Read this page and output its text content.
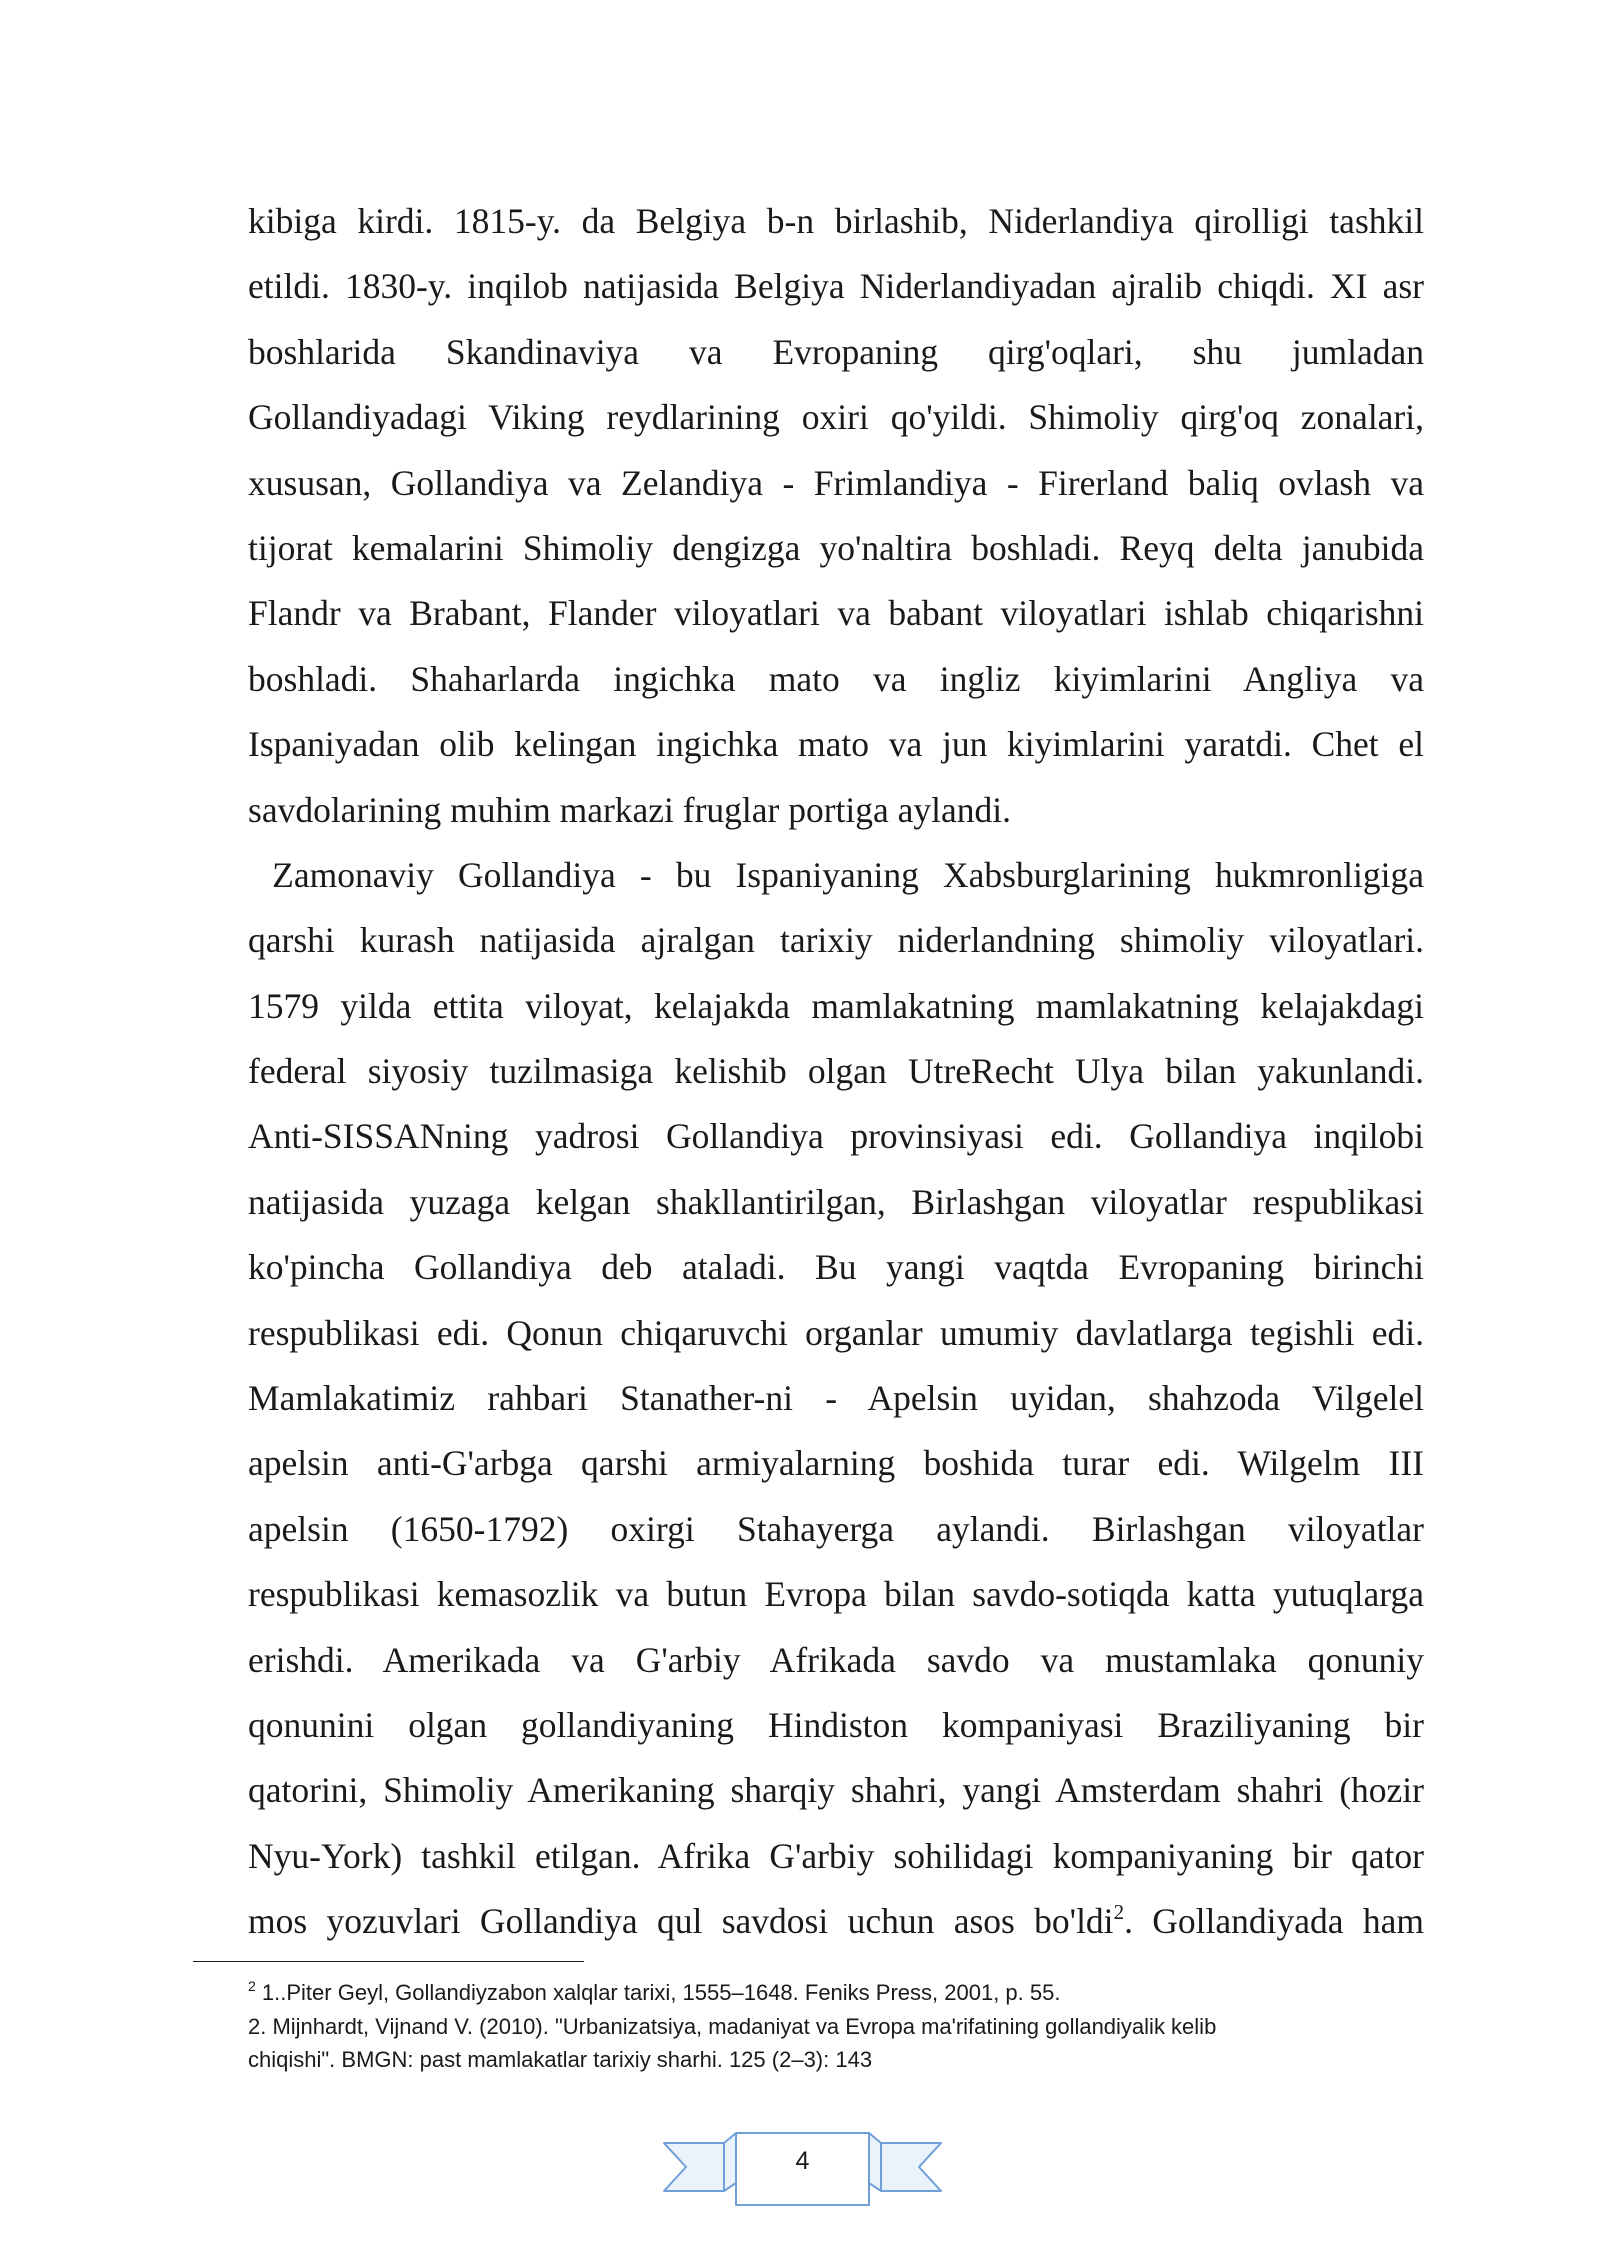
kibiga kirdi. 1815-y. da Belgiya b-n birlashib, Niderlandiya qirolligi tashkil
etildi. 1830-y. inqilob natijasida Belgiya Niderlandiyadan ajralib chiqdi. XI asr
boshlarida Skandinaviya va Evropaning qirg'oqlari, shu jumladan
Gollandiyadagi Viking reydlarining oxiri qo'yildi. Shimoliy qirg'oq zonalari,
xususan, Gollandiya va Zelandiya - Frimlandiya - Firerland baliq ovlash va
tijorat kemalarini Shimoliy dengizga yo'naltira boshladi. Reyq delta janubida
Flandr va Brabant, Flander viloyatlari va babant viloyatlari ishlab chiqarishni
boshladi. Shaharlarda ingichka mato va ingliz kiyimlarini Angliya va
Ispaniyadan olib kelingan ingichka mato va jun kiyimlarini yaratdi. Chet el
savdolarining muhim markazi fruglar portiga aylandi.
Zamonaviy Gollandiya - bu Ispaniyaning Xabsburglarining hukmronligiga
qarshi kurash natijasida ajralgan tarixiy niderlandning shimoliy viloyatlari.
1579 yilda ettita viloyat, kelajakda mamlakatning mamlakatning kelajakdagi
federal siyosiy tuzilmasiga kelishib olgan UtreRecht Ulya bilan yakunlandi.
Anti-SISSANning yadrosi Gollandiya provinsiyasi edi. Gollandiya inqilobi
natijasida yuzaga kelgan shakllantirilgan, Birlashgan viloyatlar respublikasi
ko'pincha Gollandiya deb ataladi. Bu yangi vaqtda Evropaning birinchi
respublikasi edi. Qonun chiqaruvchi organlar umumiy davlatlarga tegishli edi.
Mamlakatimiz rahbari Stanather-ni - Apelsin uyidan, shahzoda Vilgelel
apelsin anti-G'arbga qarshi armiyalarning boshida turar edi. Wilgelm III
apelsin (1650-1792) oxirgi Stahayerga aylandi. Birlashgan viloyatlar
respublikasi kemasozlik va butun Evropa bilan savdo-sotiqda katta yutuqlarga
erishdi. Amerikada va G'arbiy Afrikada savdo va mustamlaka qonuniy
qonunini olgan gollandiyaning Hindiston kompaniyasi Braziliyaning bir
qatorini, Shimoliy Amerikaning sharqiy shahri, yangi Amsterdam shahri (hozir
Nyu-York) tashkil etilgan. Afrika G'arbiy sohilidagi kompaniyaning bir qator
mos yozuvlari Gollandiya qul savdosi uchun asos bo'ldi$^2$. Gollandiyada ham
$^2$ 1..Piter Geyl, Gollandiyzabon xalqlar tarixi, 1555–1648. Feniks Press, 2001, p. 55.
2. Mijnhardt, Vijnand V. (2010). "Urbanizatsiya, madaniyat va Evropa ma'rifatining gollandiyalik kelib
chiqishi". BMGN: past mamlakatlar tarixiy sharhi. 125 (2–3): 143
4
